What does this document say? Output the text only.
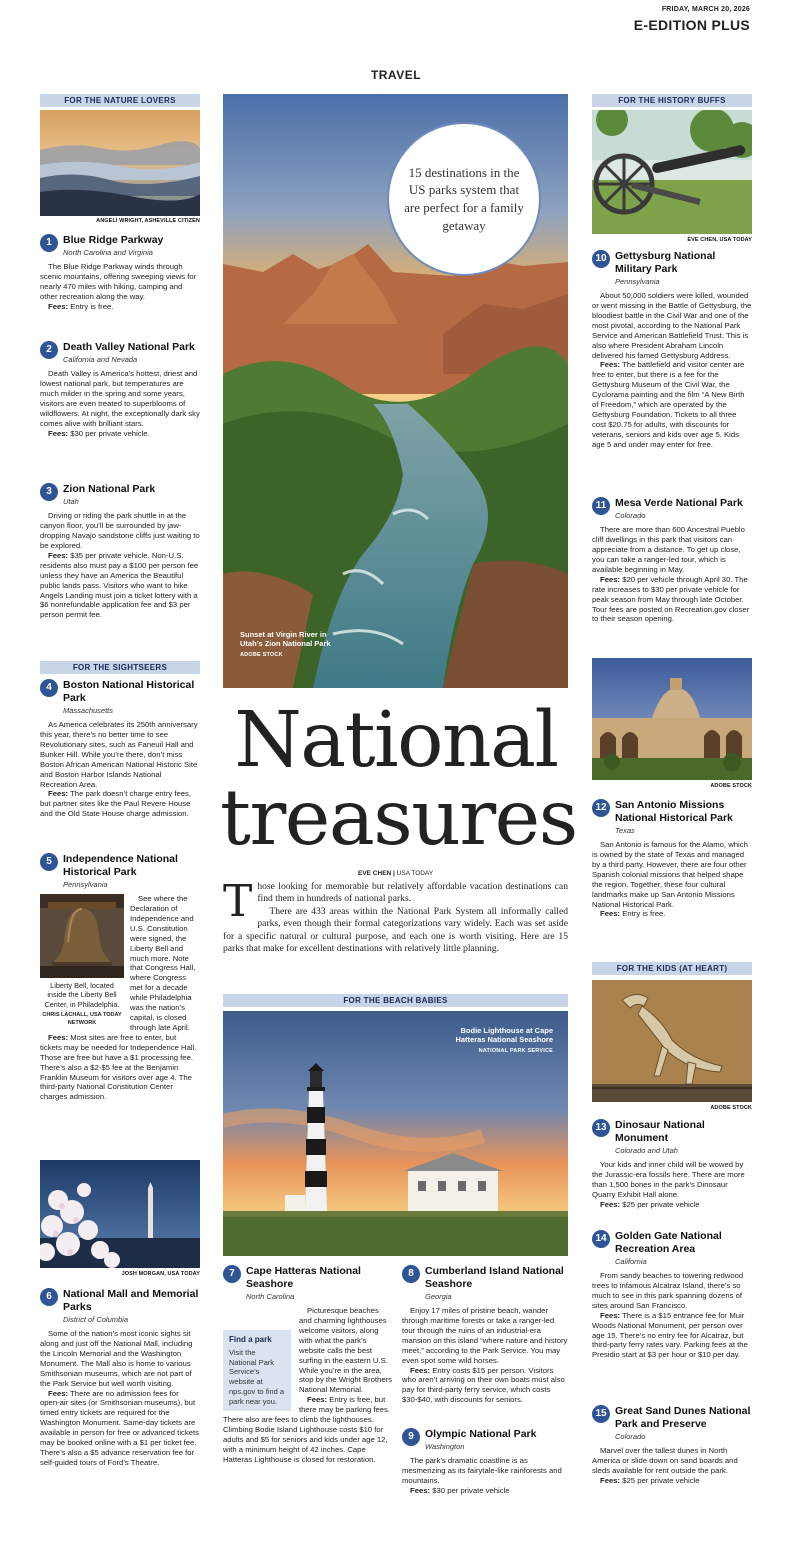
FRIDAY, MARCH 20, 2026
E-EDITION PLUS
TRAVEL
FOR THE NATURE LOVERS
ANGELI WRIGHT, ASHEVILLE CITIZEN
1	Blue Ridge Parkway
North Carolina and Virginia
The Blue Ridge Parkway winds through scenic mountains, offering sweeping views for nearly 470 miles with hiking, camping and other recreation along the way.
Fees: Entry is free.
2	Death Valley National Park
California and Nevada
Death Valley is America’s hottest, driest and lowest national park, but temperatures are much milder in the spring and some years, visitors are even treated to superblooms of wildflowers. At night, the exceptionally dark sky comes alive with brilliant stars.
Fees: $30 per private vehicle.
3	Zion National Park
Utah
Driving or riding the park shuttle in at the canyon floor, you’ll be surrounded by jaw-dropping Navajo sandstone cliffs just waiting to be explored.
Fees: $35 per private vehicle. Non-U.S. residents also must pay a $100 per person fee unless they have an America the Beautiful public lands pass. Visitors who want to hike Angels Landing must join a ticket lottery with a $6 nonrefundable application fee and $3 per person permit fee.
FOR THE SIGHTSEERS
4	Boston National Historical Park
Massachusetts
As America celebrates its 250th anniversary this year, there’s no better time to see Revolutionary sites, such as Faneuil Hall and Bunker Hill. While you’re there, don’t miss Boston African American National Historic Site and Boston Harbor Islands National Recreation Area.
Fees: The park doesn’t charge entry fees, but partner sites like the Paul Revere House and the Old State House charge admission.
5	Independence National Historical Park
Pennsylvania
Liberty Bell, located inside the Liberty Bell Center, in Philadelphia.
CHRIS LACHALL, USA TODAY NETWORK
See where the Declaration of Independence and U.S. Constitution were signed, the Liberty Bell and much more. Note that Congress Hall, where Congress met for a decade while Philadelphia was the nation’s capital, is closed through late April.
Fees: Most sites are free to enter, but tickets may be needed for Independence Hall. Those are free but have a $1 processing fee. There’s also a $2-$5 fee at the Benjamin Franklin Museum for visitors over age 4. The third-party National Constitution Center charges admission.
JOSH MORGAN, USA TODAY
6	National Mall and Memorial Parks
District of Columbia
Some of the nation’s most iconic sights sit along and just off the National Mall, including the Lincoln Memorial and the Washington Monument. The Mall also is home to various Smithsonian museums, which are not part of the Park Service but well worth visiting.
Fees: There are no admission fees for open-air sites (or Smithsonian museums), but timed entry tickets are required for the Washington Monument. Same-day tickets are available in person for free or advanced tickets may be booked online with a $1 per ticket fee. There’s also a $5 advance reservation fee for self-guided tours of Ford’s Theatre.
Sunset at Virgin River in Utah’s Zion National Park
ADOBE STOCK
15 destinations in the US parks system that are perfect for a family getaway
National
treasures
EVE CHEN | USA TODAY
T hose looking for memorable but relatively affordable vacation destinations can find them in hundreds of national parks.

There are 433 areas within the National Park System all informally called parks, even though their formal categorizations vary widely. Each was set aside for a specific natural or cultural purpose, and each one is worth visiting. Here are 15 parks that make for excellent destinations with relatively little planning.

FOR THE BEACH BABIES
Bodie Lighthouse at Cape Hatteras National Seashore
NATIONAL PARK SERVICE
7	Cape Hatteras National Seashore
North Carolina
Find a park
Visit the National Park Service’s website at nps.gov to find a park near you.
Picturesque beaches and charming lighthouses welcome visitors, along with what the park’s website calls the best surfing in the eastern U.S. While you’re in the area, stop by the Wright Brothers National Memorial.
Fees: Entry is free, but there may be parking fees. There also are fees to climb the lighthouses. Climbing Bodie Island Lighthouse costs $10 for adults and $5 for seniors and kids under age 12, with a minimum height of 42 inches. Cape Hatteras Lighthouse is closed for restoration.
8	Cumberland Island National Seashore
Georgia
Enjoy 17 miles of pristine beach, wander through maritime forests or take a ranger-led tour through the ruins of an industrial-era mansion on this island “where nature and history meet,” according to the Park Service. You may even spot some wild horses.
Fees: Entry costs $15 per person. Visitors who aren’t arriving on their own boats must also pay for third-party ferry service, which costs $30-$40, with discounts for seniors.
9	Olympic National Park
Washington
The park’s dramatic coastline is as mesmerizing as its fairytale-like rainforests and mountains.
Fees: $30 per private vehicle
FOR THE HISTORY BUFFS
EVE CHEN, USA TODAY
10 Gettysburg National Military Park
Pennsylvania
About 50,000 soldiers were killed, wounded or went missing in the Battle of Gettysburg, the bloodiest battle in the Civil War and one of the most pivotal, according to the National Park Service and American Battlefield Trust. This is also where President Abraham Lincoln delivered his famed Gettysburg Address.
Fees: The battlefield and visitor center are free to enter, but there is a fee for the Gettysburg Museum of the Civil War, the Cyclorama painting and the film “A New Birth of Freedom,” which are operated by the Gettysburg Foundation. Tickets to all three cost $20.75 for adults, with discounts for veterans, seniors and kids over age 5. Kids age 5 and under may enter for free.
11 Mesa Verde National Park
Colorado
There are more than 600 Ancestral Pueblo cliff dwellings in this park that visitors can appreciate from a distance. To get up close, you can take a ranger-led tour, which is available beginning in May.
Fees: $20 per vehicle through April 30. The rate increases to $30 per private vehicle for peak season from May through late October. Tour fees are posted on Recreation.gov closer to their season opening.
ADOBE STOCK
12 San Antonio Missions National Historical Park
Texas
San Antonio is famous for the Alamo, which is owned by the state of Texas and managed by a third party. However, there are four other Spanish colonial missions that helped shape the region. Together, these four cultural landmarks make up San Antonio Missions National Historical Park.
Fees: Entry is free.
FOR THE KIDS (AT HEART)
ADOBE STOCK
13 Dinosaur National Monument
Colorado and Utah
Your kids and inner child will be wowed by the Jurassic-era fossils here. There are more than 1,500 bones in the park’s Dinosaur Quarry Exhibit Hall alone.
Fees: $25 per private vehicle
14 Golden Gate National Recreation Area
California
From sandy beaches to towering redwood trees to infamous Alcatraz Island, there’s so much to see in this park spanning dozens of sites around San Francisco.
Fees: There is a $15 entrance fee for Muir Woods National Monument, per person over age 15. There’s no entry fee for Alcatraz, but third-party ferry rates vary. Parking fees at the Presidio start at $3 per hour or $10 per day.
15 Great Sand Dunes National Park and Preserve
Colorado
Marvel over the tallest dunes in North America or slide down on sand boards and sleds available for rent outside the park.
Fees: $25 per private vehicle
